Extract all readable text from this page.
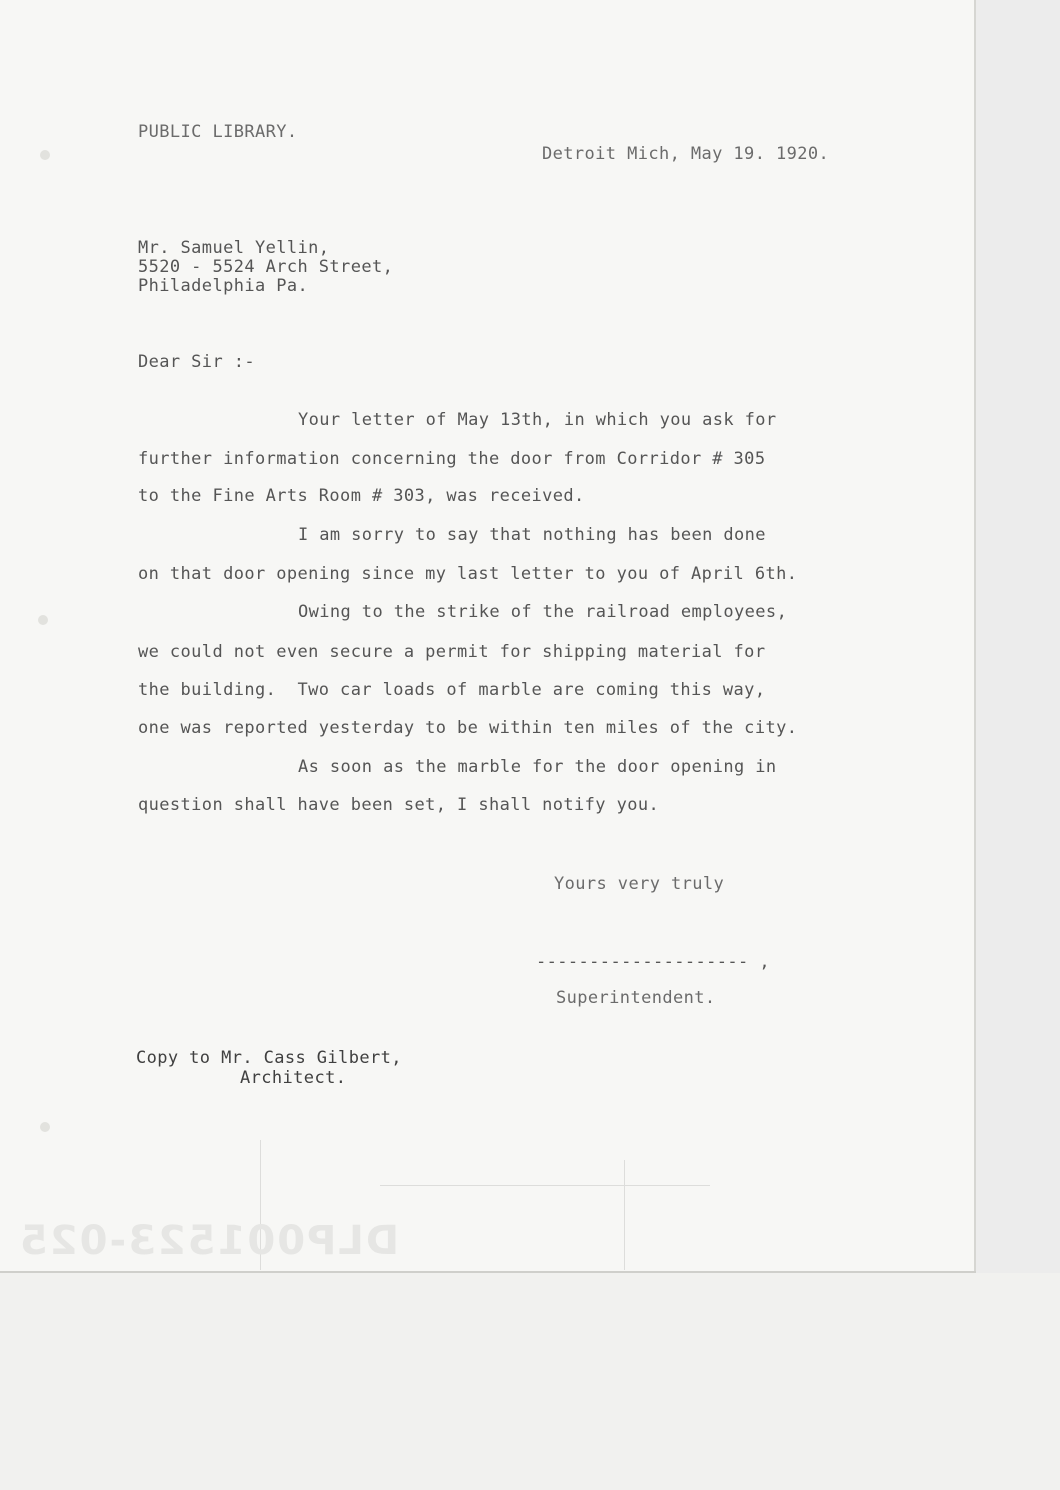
DLP001523-025

PUBLIC LIBRARY.

Detroit Mich, May 19. 1920.

Mr. Samuel Yellin,

5520 - 5524 Arch Street,

Philadelphia Pa.

Dear Sir :-

Your letter of May 13th, in which you ask for

further information concerning the door from Corridor # 305

to the Fine Arts Room # 303, was received.

I am sorry to say that nothing has been done

on that door opening since my last letter to you of April 6th.

Owing to the strike of the railroad employees,

we could not even secure a permit for shipping material for

the building.  Two car loads of marble are coming this way,

one was reported yesterday to be within ten miles of the city.

As soon as the marble for the door opening in

question shall have been set, I shall notify you.

Yours very truly

-------------------- ,

Superintendent.

Copy to Mr. Cass Gilbert,

Architect.
